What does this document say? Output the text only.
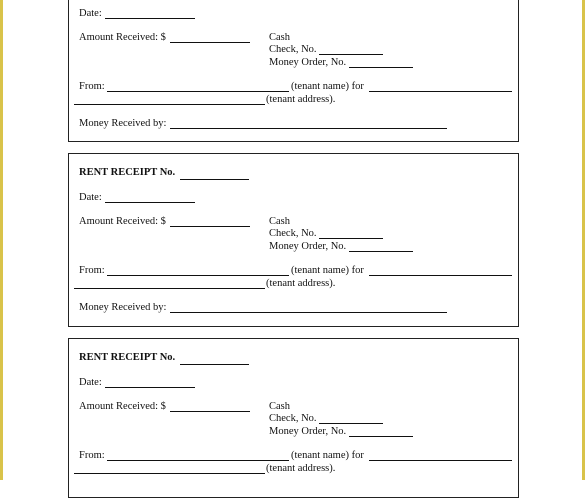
Date:
Amount Received: $	Cash
Check, No.
Money Order, No.
From:	(tenant name) for
(tenant address).
Money Received by:
RENT RECEIPT No.
Date:
Amount Received: $	Cash
Check, No.
Money Order, No.
From:	(tenant name) for
(tenant address).
Money Received by:
RENT RECEIPT No.
Date:
Amount Received: $	Cash
Check, No.
Money Order, No.
From:	(tenant name) for
(tenant address).
